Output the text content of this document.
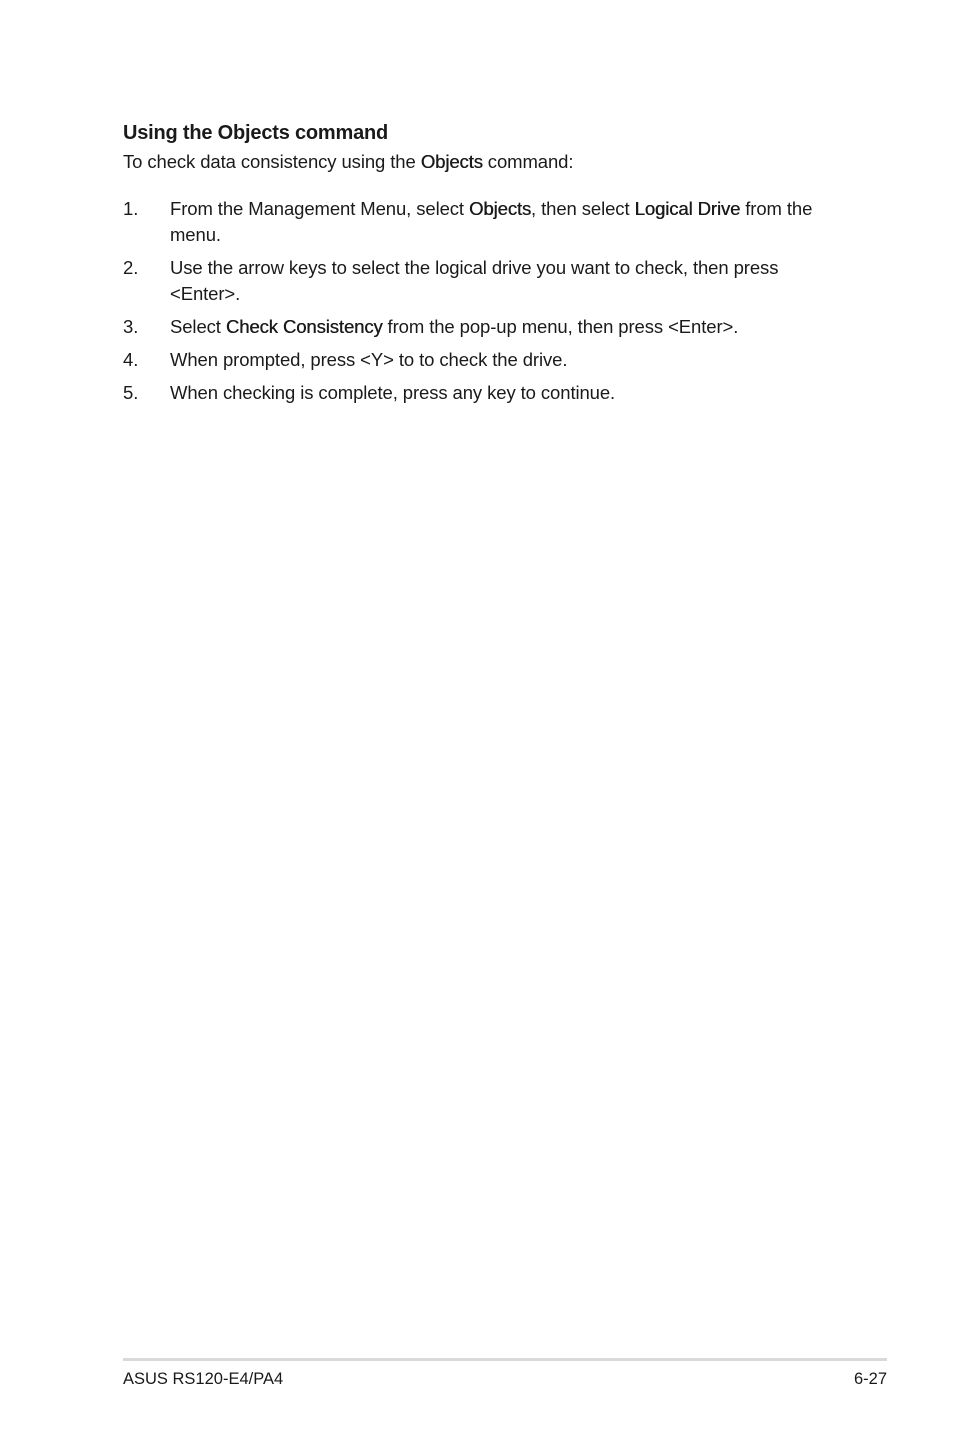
Using the Objects command

To check data consistency using the Objects command:

1.	From the Management Menu, select Objects, then select Logical Drive from the menu.
2.	Use the arrow keys to select the logical drive you want to check, then press <Enter>.
3.	Select Check Consistency from the pop-up menu, then press <Enter>.
4.	When prompted, press <Y> to to check the drive.
5.	When checking is complete, press any key to continue.
ASUS RS120-E4/PA4	6-27
